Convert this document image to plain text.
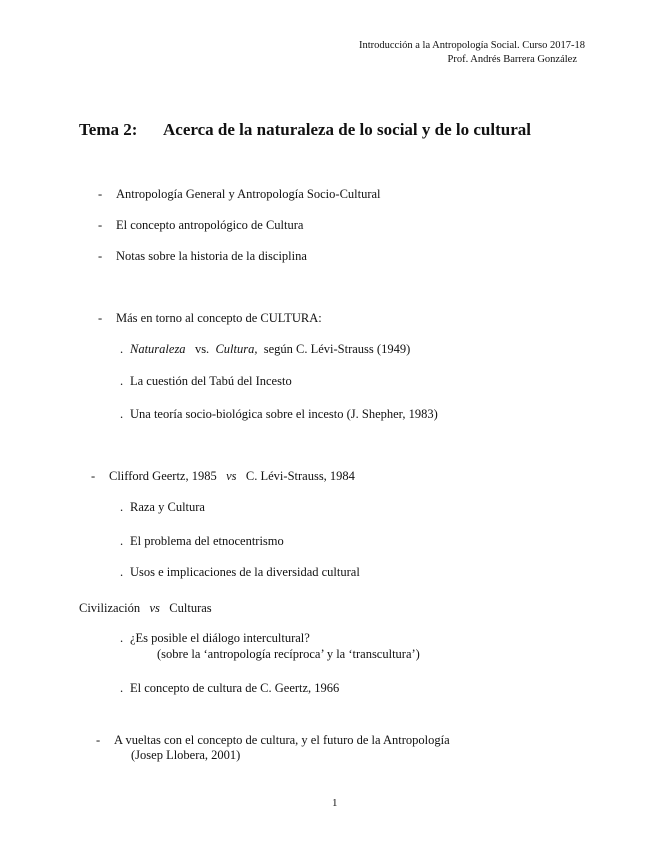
Introducción a la Antropología Social. Curso 2017-18
Prof. Andrés Barrera González
Tema 2: Acerca de la naturaleza de lo social y de lo cultural
- Antropología General y Antropología Socio-Cultural
- El concepto antropológico de Cultura
- Notas sobre la historia de la disciplina
- Más en torno al concepto de CULTURA:
. Naturaleza vs. Cultura, según C. Lévi-Strauss (1949)
. La cuestión del Tabú del Incesto
. Una teoría socio-biológica sobre el incesto (J. Shepher, 1983)
- Clifford Geertz, 1985 vs C. Lévi-Strauss, 1984
. Raza y Cultura
. El problema del etnocentrismo
. Usos e implicaciones de la diversidad cultural
Civilización vs Culturas
. ¿Es posible el diálogo intercultural?
(sobre la ‘antropología recíproca’ y la ‘transcultura’)
. El concepto de cultura de C. Geertz, 1966
- A vueltas con el concepto de cultura, y el futuro de la Antropología
(Josep Llobera, 2001)
1
